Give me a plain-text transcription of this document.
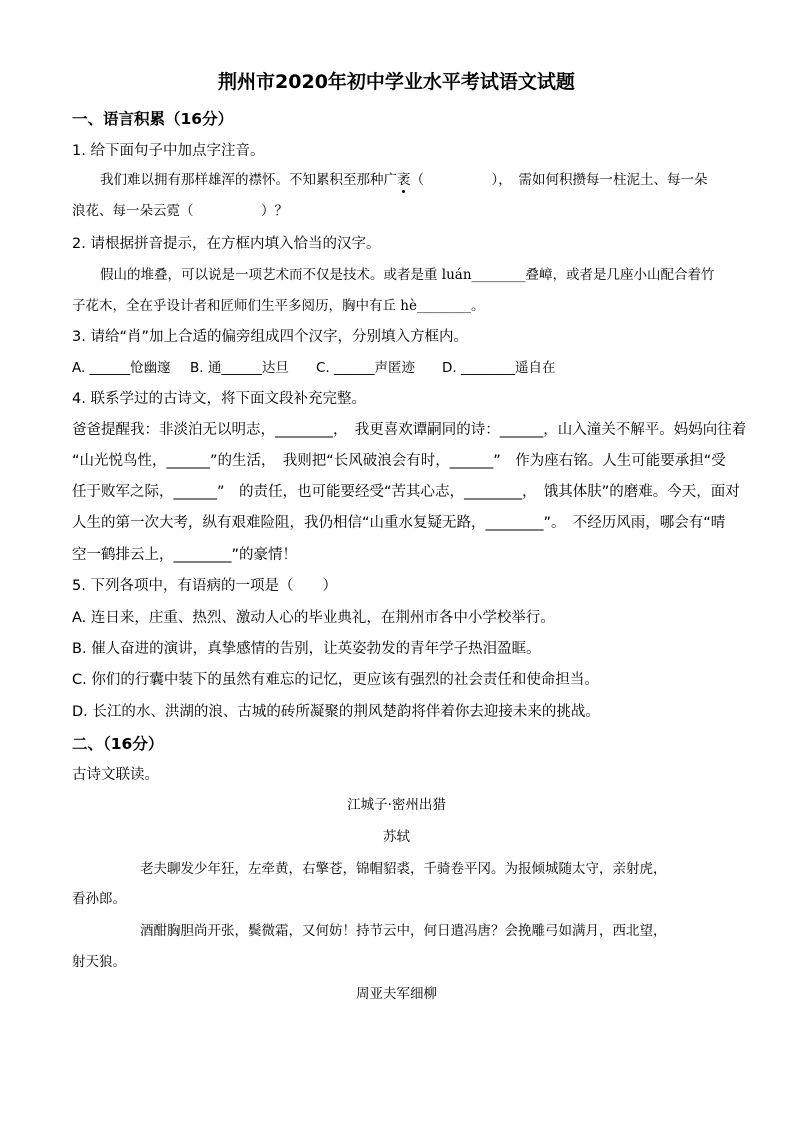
荆州市2020年初中学业水平考试语文试题
一、语言积累（16分）
1. 给下面句子中加点字注音。
我们难以拥有那样雄浑的襟怀。不知累积至那种广袤（　　　　　），　需如何积攒每一柱泥土、每一朵
浪花、每一朵云霓（　　　　　）？
2. 请根据拼音提示，在方框内填入恰当的汉字。
假山的堆叠，可以说是一项艺术而不仅是技术。或者是重 luán________叠嶂，或者是几座小山配合着竹
子花木，全在乎设计者和匠师们生平多阅历，胸中有丘 hè________。
3. 请给“肖”加上合适的偏旁组成四个汉字，分别填入方框内。
A. ______怆幽邃 B. 通______达旦 C. ______声匿迹 D. ________遥自在
4. 联系学过的古诗文，将下面文段补充完整。
爸爸提醒我：非淡泊无以明志，________，　我更喜欢谭嗣同的诗：______，山入潼关不解平。妈妈向往着
“山光悦鸟性，______”的生活，　我则把“长风破浪会有时，______”　作为座右铭。人生可能要承担“受
任于败军之际，______”　的责任，也可能要经受“苦其心志，________，　饿其体肤”的磨难。今天，面对
人生的第一次大考，纵有艰难险阻，我仍相信“山重水复疑无路，________”。　不经历风雨，哪会有“晴
空一鹤排云上，________”的豪情！
5. 下列各项中，有语病的一项是（　　）
A. 连日来，庄重、热烈、激动人心的毕业典礼，在荆州市各中小学校举行。
B. 催人奋进的演讲，真挚感情的告别，让英姿勃发的青年学子热泪盈眶。
C. 你们的行囊中装下的虽然有难忘的记忆，更应该有强烈的社会责任和使命担当。
D. 长江的水、洪湖的浪、古城的砖所凝聚的荆风楚韵将伴着你去迎接未来的挑战。
二、（16分）
古诗文联读。
江城子·密州出猎
苏轼
老夫聊发少年狂，左牵黄，右擎苍，锦帽貂裘，千骑卷平冈。为报倾城随太守，亲射虎，
看孙郎。
酒酣胸胆尚开张，鬓微霜，又何妨！持节云中，何日遣冯唐？会挽雕弓如满月，西北望，
射天狼。
周亚夫军细柳
